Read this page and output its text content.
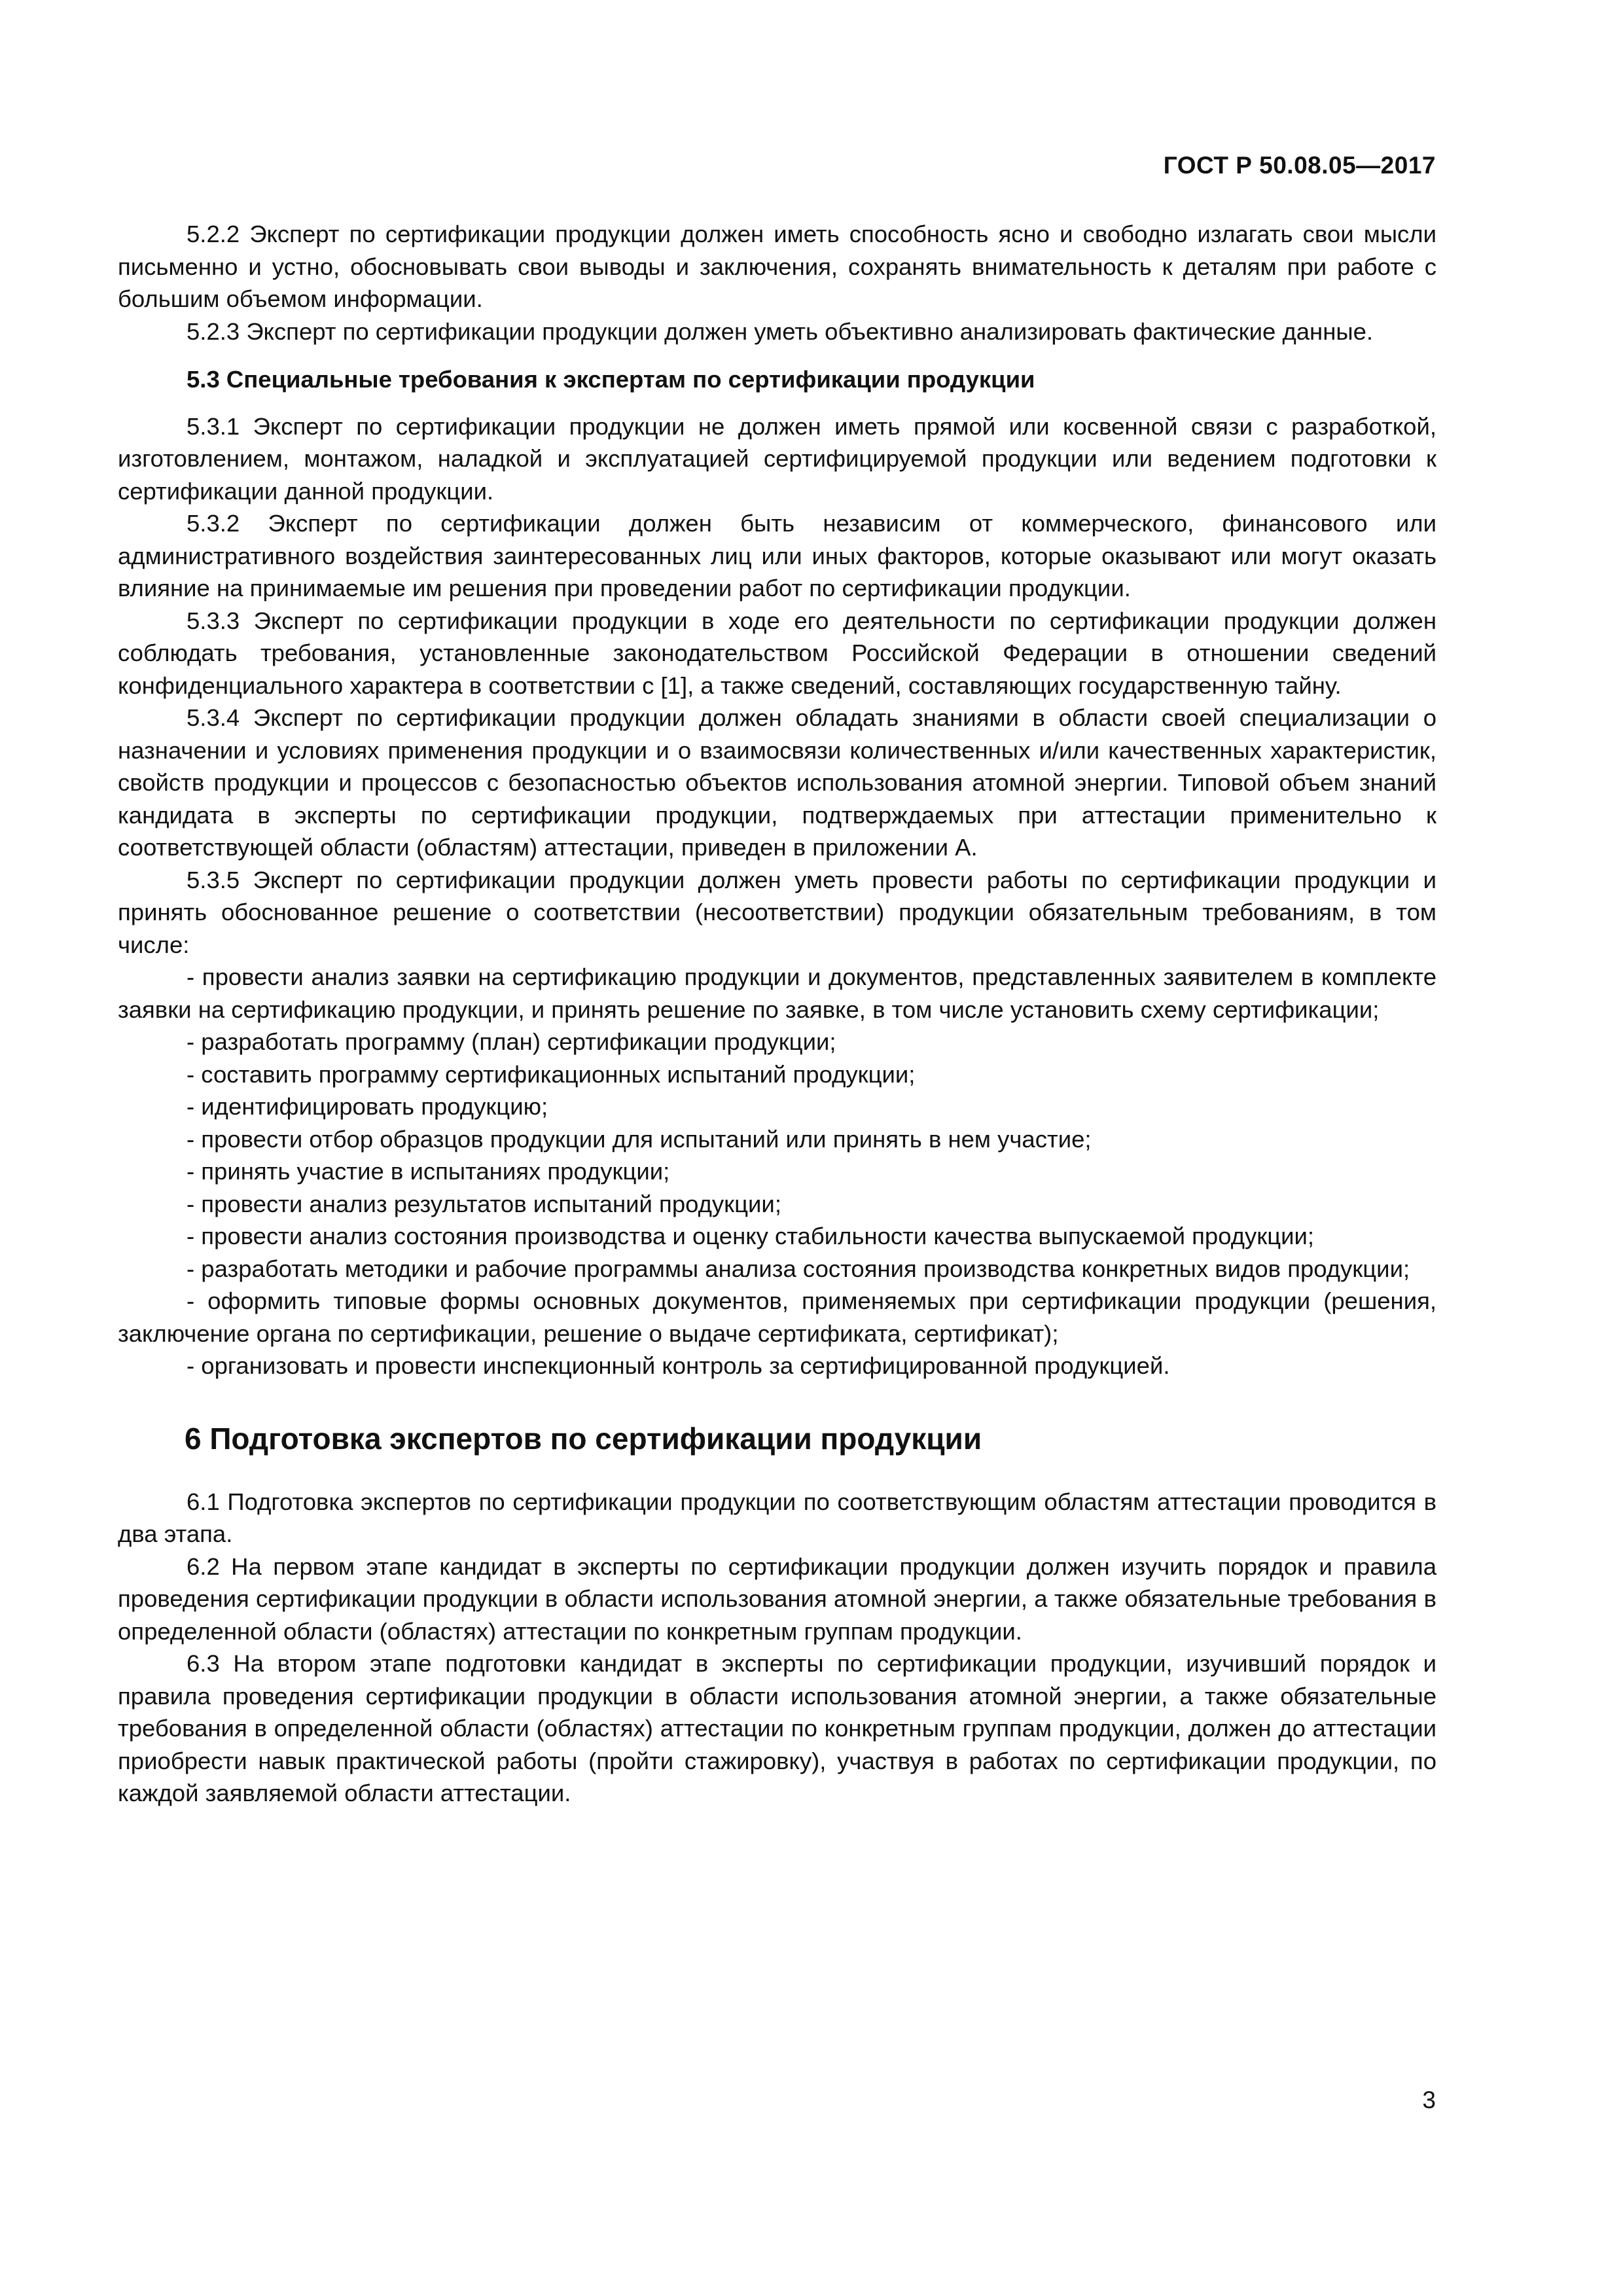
ГОСТ Р 50.08.05—2017

5.2.2 Эксперт по сертификации продукции должен иметь способность ясно и свободно излагать свои мысли письменно и устно, обосновывать свои выводы и заключения, сохранять внимательность к деталям при работе с большим объемом информации.

5.2.3 Эксперт по сертификации продукции должен уметь объективно анализировать фактические данные.

5.3 Специальные требования к экспертам по сертификации продукции

5.3.1 Эксперт по сертификации продукции не должен иметь прямой или косвенной связи с разработкой, изготовлением, монтажом, наладкой и эксплуатацией сертифицируемой продукции или ведением подготовки к сертификации данной продукции.

5.3.2 Эксперт по сертификации должен быть независим от коммерческого, финансового или административного воздействия заинтересованных лиц или иных факторов, которые оказывают или могут оказать влияние на принимаемые им решения при проведении работ по сертификации продукции.

5.3.3 Эксперт по сертификации продукции в ходе его деятельности по сертификации продукции должен соблюдать требования, установленные законодательством Российской Федерации в отношении сведений конфиденциального характера в соответствии с [1], а также сведений, составляющих государственную тайну.

5.3.4 Эксперт по сертификации продукции должен обладать знаниями в области своей специализации о назначении и условиях применения продукции и о взаимосвязи количественных и/или качественных характеристик, свойств продукции и процессов с безопасностью объектов использования атомной энергии. Типовой объем знаний кандидата в эксперты по сертификации продукции, подтверждаемых при аттестации применительно к соответствующей области (областям) аттестации, приведен в приложении А.

5.3.5 Эксперт по сертификации продукции должен уметь провести работы по сертификации продукции и принять обоснованное решение о соответствии (несоответствии) продукции обязательным требованиям, в том числе:

- провести анализ заявки на сертификацию продукции и документов, представленных заявителем в комплекте заявки на сертификацию продукции, и принять решение по заявке, в том числе установить схему сертификации;

- разработать программу (план) сертификации продукции;

- составить программу сертификационных испытаний продукции;

- идентифицировать продукцию;

- провести отбор образцов продукции для испытаний или принять в нем участие;

- принять участие в испытаниях продукции;

- провести анализ результатов испытаний продукции;

- провести анализ состояния производства и оценку стабильности качества выпускаемой продукции;

- разработать методики и рабочие программы анализа состояния производства конкретных видов продукции;

- оформить типовые формы основных документов, применяемых при сертификации продукции (решения, заключение органа по сертификации, решение о выдаче сертификата, сертификат);

- организовать и провести инспекционный контроль за сертифицированной продукцией.

6 Подготовка экспертов по сертификации продукции

6.1 Подготовка экспертов по сертификации продукции по соответствующим областям аттестации проводится в два этапа.

6.2 На первом этапе кандидат в эксперты по сертификации продукции должен изучить порядок и правила проведения сертификации продукции в области использования атомной энергии, а также обязательные требования в определенной области (областях) аттестации по конкретным группам продукции.

6.3 На втором этапе подготовки кандидат в эксперты по сертификации продукции, изучивший порядок и правила проведения сертификации продукции в области использования атомной энергии, а также обязательные требования в определенной области (областях) аттестации по конкретным группам продукции, должен до аттестации приобрести навык практической работы (пройти стажировку), участвуя в работах по сертификации продукции, по каждой заявляемой области аттестации.

3
